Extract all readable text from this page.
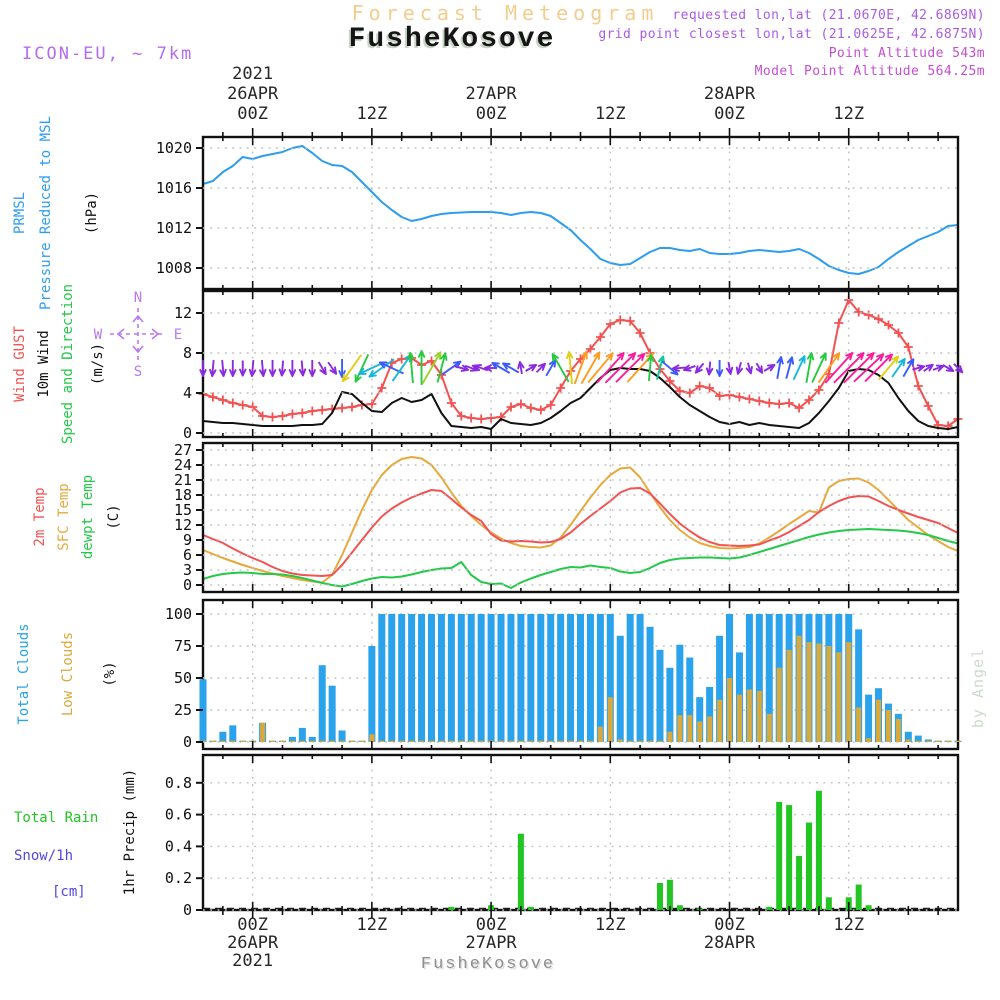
Forecast Meteogram
FusheKosove
ICON-EU, ~ 7km
requested lon,lat (21.0670E, 42.6869N)
grid point closest lon,lat (21.0625E, 42.6875N)
Point Altitude 543m
Model Point Altitude 564.25m
PRMSL Pressure Reduced to MSL (hPa)
Wind GUST 10m Wind Speed and Direction (m/s)
2m Temp SFC Temp dewpt Temp (C)
Total Clouds Low Clouds (%)
Total Rain
Snow/1h
[cm]	1hr Precip (mm)
1020
1016
1012
1008
12
8
4
0
27
24
21
18
15
12
9
6
3
0
100
75
50
25
0
0.8
0.6
0.4
0.2
0
N
S
W	E
2021
26APR
00Z	12Z
27APR
00Z	12Z
28APR
00Z	12Z
00Z
26APR
2021
12Z	00Z
27APR
12Z	00Z
28APR
12Z
FusheKosove
by Angel
